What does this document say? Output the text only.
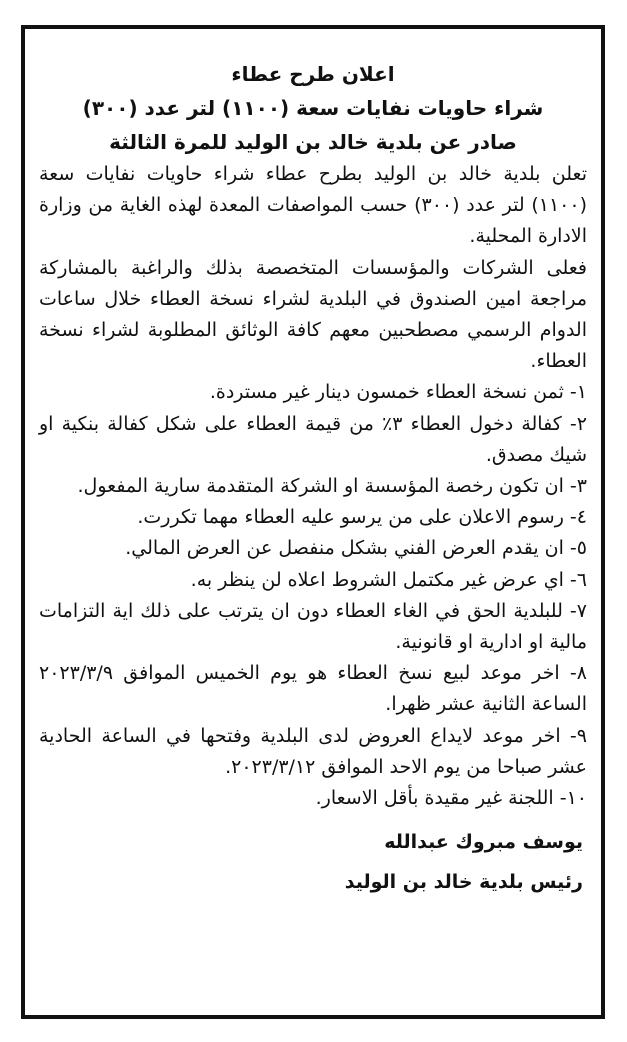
اعلان طرح عطاء
شراء حاويات نفايات سعة (١١٠٠) لتر عدد (٣٠٠)
صادر عن بلدية خالد بن الوليد للمرة الثالثة
تعلن بلدية خالد بن الوليد بطرح عطاء شراء حاويات نفايات سعة (١١٠٠) لتر عدد (٣٠٠) حسب المواصفات المعدة لهذه الغاية من وزارة الادارة المحلية.
فعلى الشركات والمؤسسات المتخصصة بذلك والراغبة بالمشاركة مراجعة امين الصندوق في البلدية لشراء نسخة العطاء خلال ساعات الدوام الرسمي مصطحبين معهم كافة الوثائق المطلوبة لشراء نسخة العطاء.

١- ثمن نسخة العطاء خمسون دينار غير مستردة.

٢- كفالة دخول العطاء ٣٪ من قيمة العطاء على شكل كفالة بنكية او شيك مصدق.

٣- ان تكون رخصة المؤسسة او الشركة المتقدمة سارية المفعول.

٤- رسوم الاعلان على من يرسو عليه العطاء مهما تكررت.

٥- ان يقدم العرض الفني بشكل منفصل عن العرض المالي.

٦- اي عرض غير مكتمل الشروط اعلاه لن ينظر به.

٧- للبلدية الحق في الغاء العطاء دون ان يترتب على ذلك اية التزامات مالية او ادارية او قانونية.

٨- اخر موعد لبيع نسخ العطاء هو يوم الخميس الموافق ٢٠٢٣/٣/٩ الساعة الثانية عشر ظهرا.

٩- اخر موعد لايداع العروض لدى البلدية وفتحها في الساعة الحادية عشر صباحا من يوم الاحد الموافق ٢٠٢٣/٣/١٢.

١٠- اللجنة غير مقيدة بأقل الاسعار.

يوسف مبروك عبدالله
رئيس بلدية خالد بن الوليد
